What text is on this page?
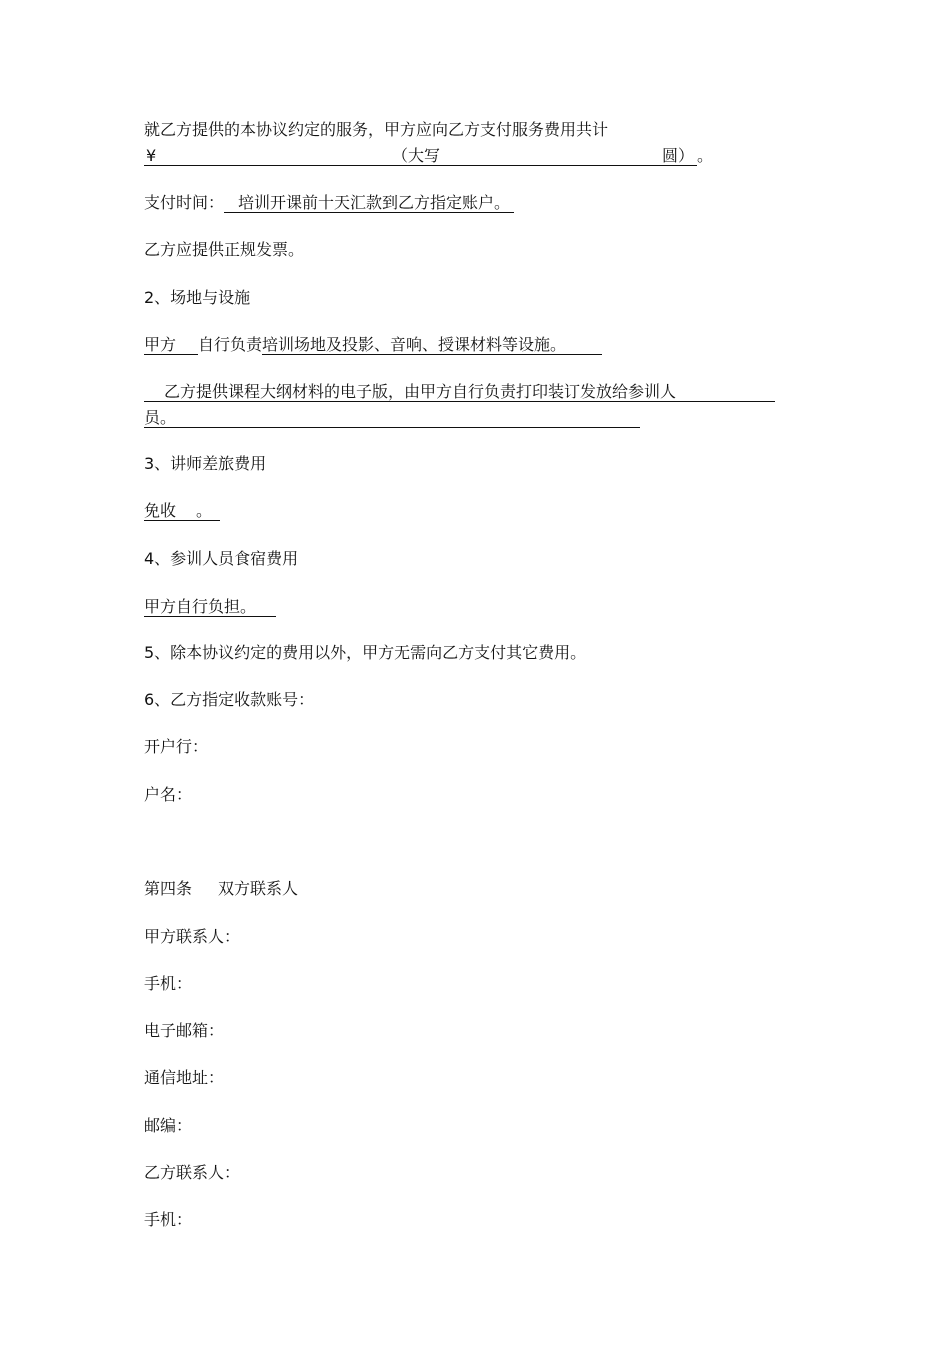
就乙方提供的本协议约定的服务，甲方应向乙方支付服务费用共计
¥	（大写	圆） 。
支付时间： 培训开课前十天汇款到乙方指定账户。
乙方应提供正规发票。
2、场地与设施
甲方 自行负责培训场地及投影、音响、授课材料等设施。
乙方提供课程大纲材料的电子版，由甲方自行负责打印装订发放给参训人
员。
3、讲师差旅费用
免收 。
4、参训人员食宿费用
甲方自行负担。
5、除本协议约定的费用以外，甲方无需向乙方支付其它费用。
6、乙方指定收款账号：
开户行：
户名：
第四条 双方联系人
甲方联系人：
手机：
电子邮箱：
通信地址：
邮编：
乙方联系人：
手机：
